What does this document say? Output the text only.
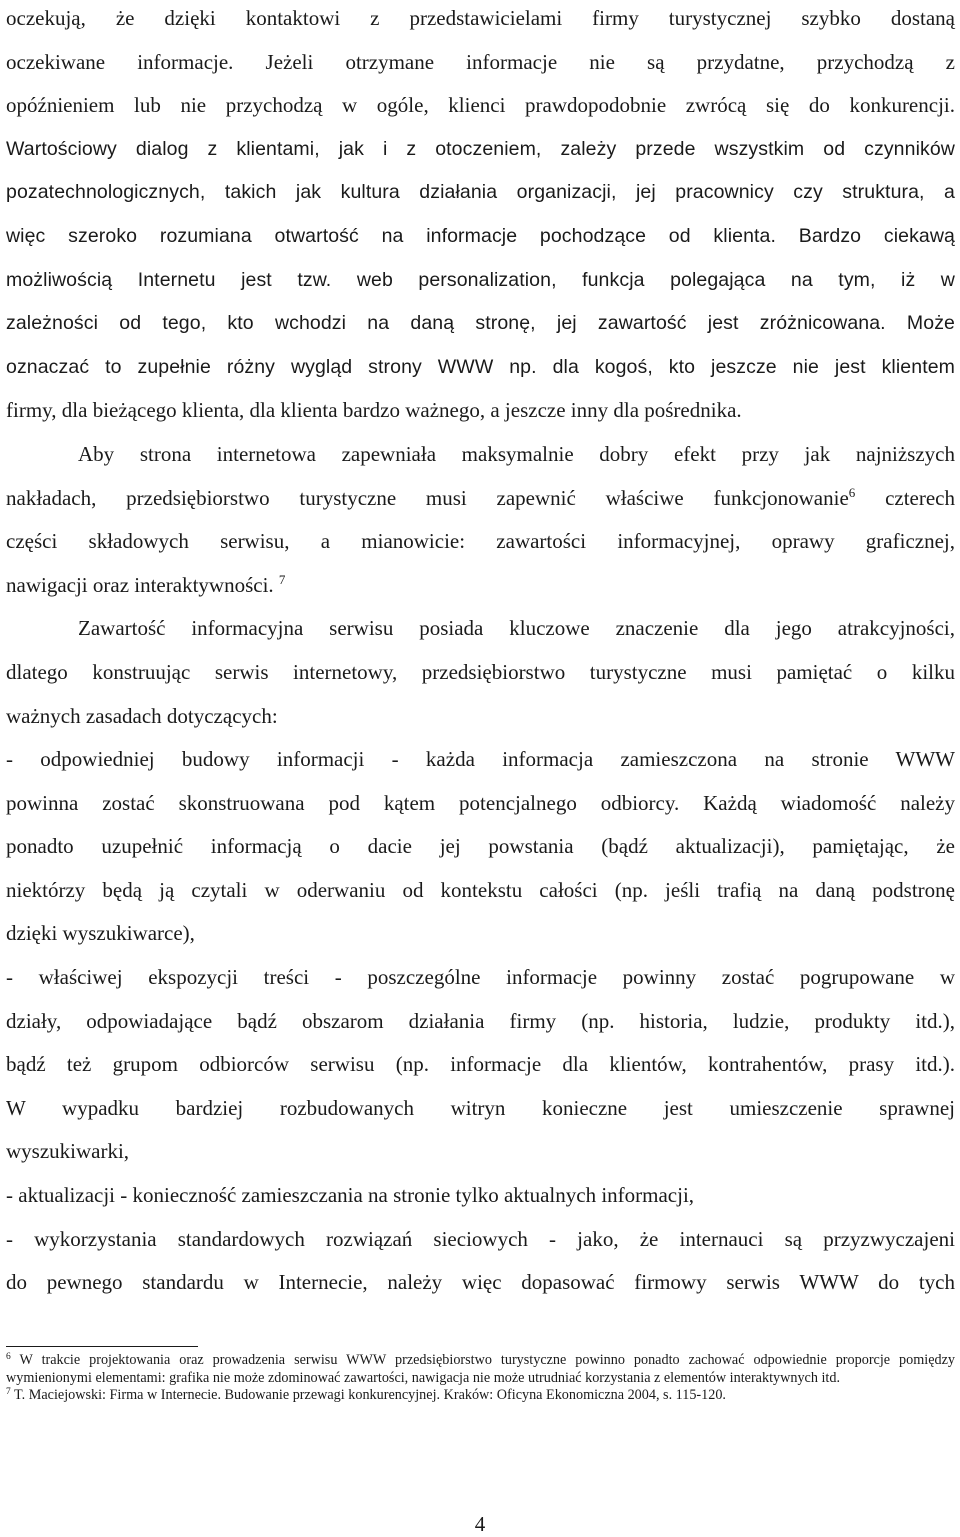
oczekują, że dzięki kontaktowi z przedstawicielami firmy turystycznej szybko dostaną
oczekiwane informacje. Jeżeli otrzymane informacje nie są przydatne, przychodzą z
opóźnieniem lub nie przychodzą w ogóle, klienci prawdopodobnie zwrócą się do konkurencji.
Wartościowy dialog z klientami, jak i z otoczeniem, zależy przede wszystkim od czynników
pozatechnologicznych, takich jak kultura działania organizacji, jej pracownicy czy struktura, a
więc szeroko rozumiana otwartość na informacje pochodzące od klienta. Bardzo ciekawą
możliwością Internetu jest tzw. web personalization, funkcja polegająca na tym, iż w
zależności od tego, kto wchodzi na daną stronę, jej zawartość jest zróżnicowana. Może
oznaczać to zupełnie różny wygląd strony WWW np. dla kogoś, kto jeszcze nie jest klientem
firmy, dla bieżącego klienta, dla klienta bardzo ważnego, a jeszcze inny dla pośrednika.

Aby strona internetowa zapewniała maksymalnie dobry efekt przy jak najniższych
nakładach, przedsiębiorstwo turystyczne musi zapewnić właściwe funkcjonowanie$^6$ czterech
części składowych serwisu, a mianowicie: zawartości informacyjnej, oprawy graficznej,
nawigacji oraz interaktywności. $^7$

Zawartość informacyjna serwisu posiada kluczowe znaczenie dla jego atrakcyjności,
dlatego konstruując serwis internetowy, przedsiębiorstwo turystyczne musi pamiętać o kilku
ważnych zasadach dotyczących:
- odpowiedniej budowy informacji - każda informacja zamieszczona na stronie WWW
powinna zostać skonstruowana pod kątem potencjalnego odbiorcy. Każdą wiadomość należy
ponadto uzupełnić informacją o dacie jej powstania (bądź aktualizacji), pamiętając, że
niektórzy będą ją czytali w oderwaniu od kontekstu całości (np. jeśli trafią na daną podstronę
dzięki wyszukiwarce),
- właściwej ekspozycji treści - poszczególne informacje powinny zostać pogrupowane w
działy, odpowiadające bądź obszarom działania firmy (np. historia, ludzie, produkty itd.),
bądź też grupom odbiorców serwisu (np. informacje dla klientów, kontrahentów, prasy itd.).
W wypadku bardziej rozbudowanych witryn konieczne jest umieszczenie sprawnej
wyszukiwarki,
- aktualizacji - konieczność zamieszczania na stronie tylko aktualnych informacji,
- wykorzystania standardowych rozwiązań sieciowych - jako, że internauci są przyzwyczajeni
do pewnego standardu w Internecie, należy więc dopasować firmowy serwis WWW do tych

$^6$ W trakcie projektowania oraz prowadzenia serwisu WWW przedsiębiorstwo turystyczne powinno ponadto zachować odpowiednie proporcje pomiędzy wymienionymi elementami: grafika nie może zdominować zawartości, nawigacja nie może utrudniać korzystania z elementów interaktywnych itd.

$^7$ T. Maciejowski: Firma w Internecie. Budowanie przewagi konkurencyjnej. Kraków: Oficyna Ekonomiczna 2004, s. 115-120.

4
